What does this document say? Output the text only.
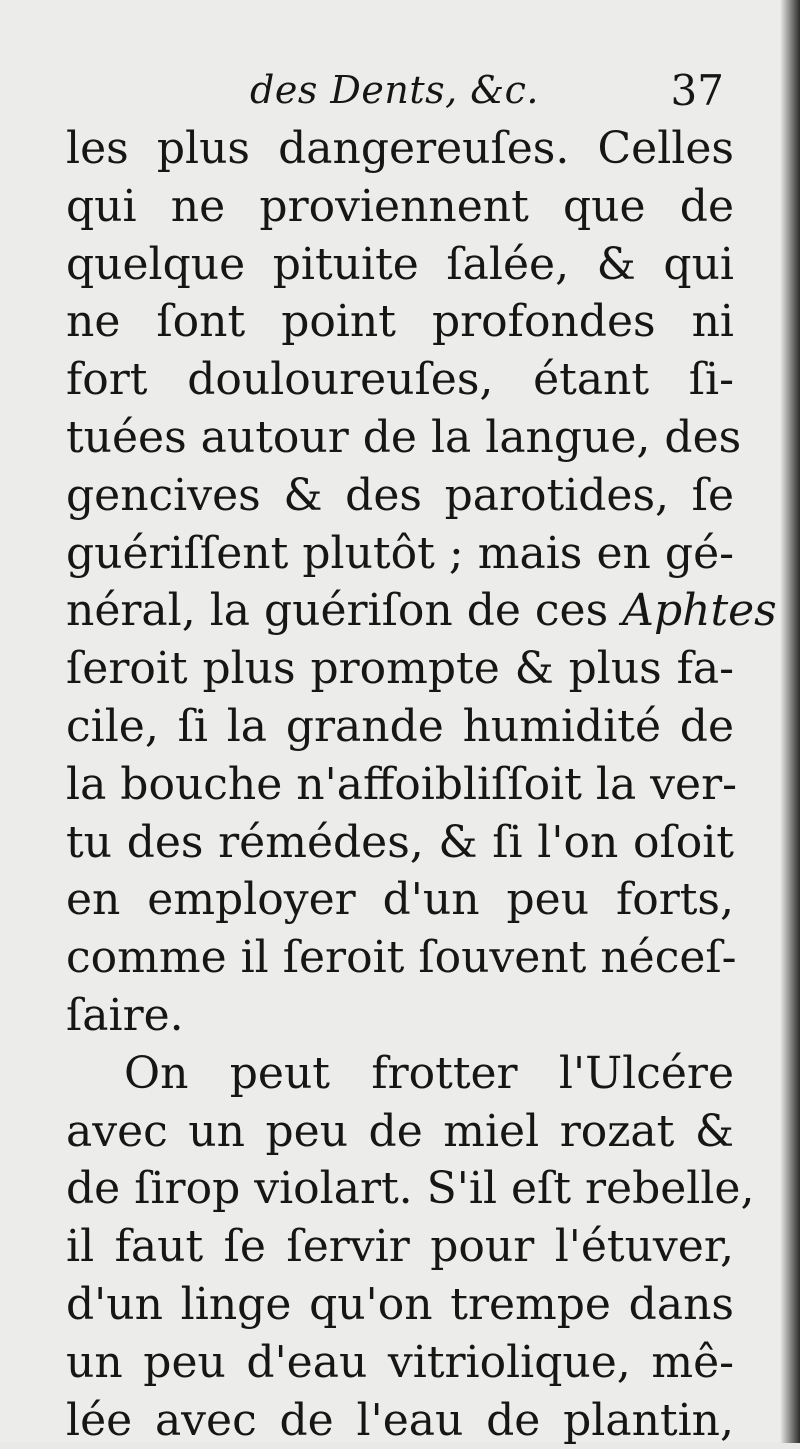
des Dents, &c.	37
les plus dangereuſes. Celles
qui ne proviennent que de
quelque pituite ſalée, & qui
ne ſont point profondes ni
fort douloureuſes, étant ſi-
tuées autour de la langue, des
gencives & des parotides, ſe
guériſſent plutôt ; mais en gé-
néral, la guériſon de ces Aphtes
ſeroit plus prompte & plus fa-
cile, ſi la grande humidité de
la bouche n'affoibliſſoit la ver-
tu des rémédes, & ſi l'on oſoit
en employer d'un peu forts,
comme il ſeroit ſouvent néceſ-
ſaire.
On peut frotter l'Ulcére
avec un peu de miel rozat &
de ſirop violart. S'il eſt rebelle,
il faut ſe ſervir pour l'étuver,
d'un linge qu'on trempe dans
un peu d'eau vitriolique, mê-
lée avec de l'eau de plantin,
